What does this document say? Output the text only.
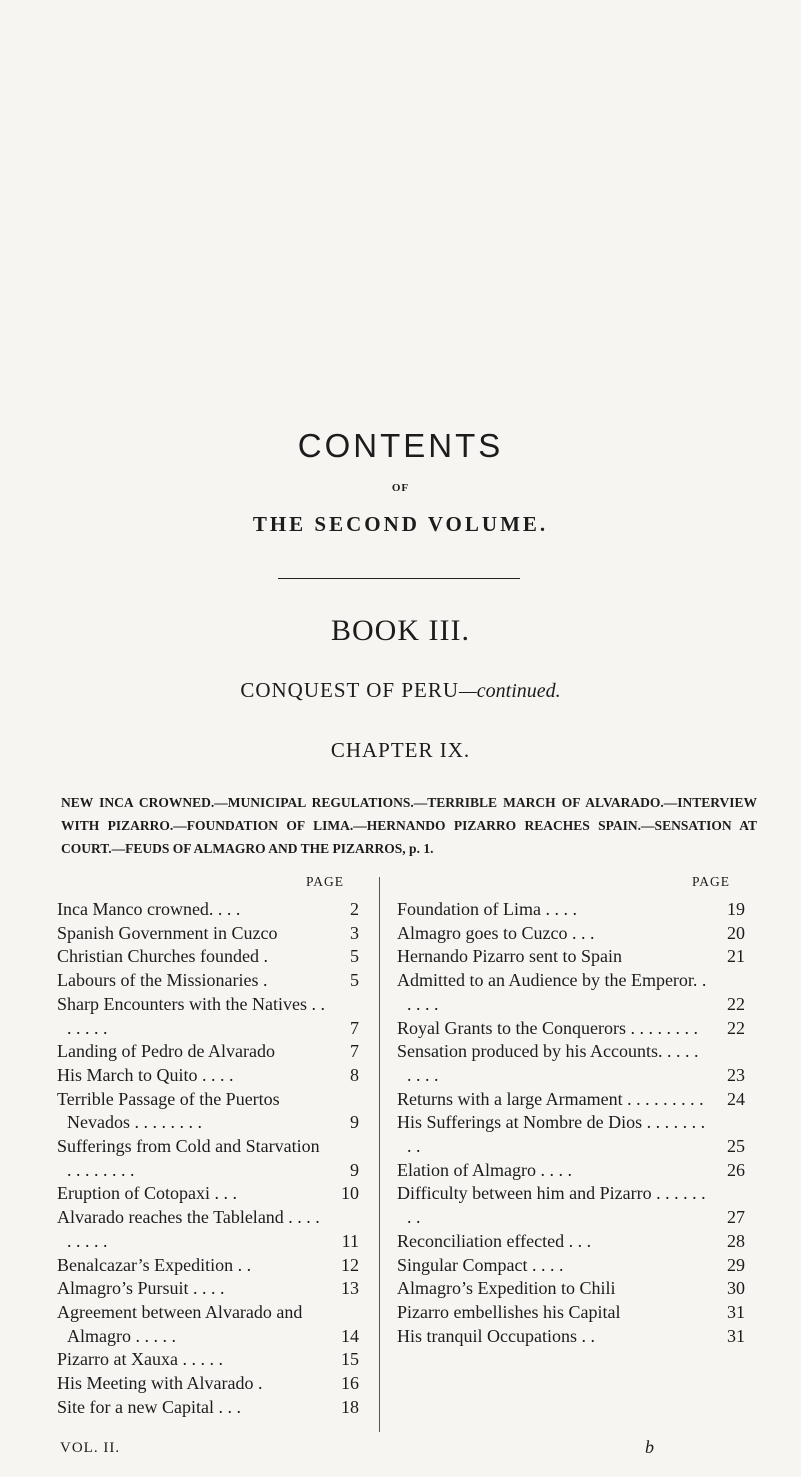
CONTENTS
OF
THE SECOND VOLUME.
BOOK III.
CONQUEST OF PERU—continued.
CHAPTER IX.
NEW INCA CROWNED.—MUNICIPAL REGULATIONS.—TERRIBLE MARCH OF ALVARADO.—INTERVIEW WITH PIZARRO.—FOUNDATION OF LIMA.—HERNANDO PIZARRO REACHES SPAIN.—SENSATION AT COURT.—FEUDS OF ALMAGRO AND THE PIZARROS, p. 1.
PAGE	PAGE
Inca Manco crowned. . . .	2
Spanish Government in Cuzco	3
Christian Churches founded .	5
Labours of the Missionaries .	5
Sharp Encounters with the Natives . . . . . . .	7
Landing of Pedro de Alvarado	7
His March to Quito . . . .	8
Terrible Passage of the Puertos Nevados . . . . . . . .	9
Sufferings from Cold and Starvation . . . . . . . .	9
Eruption of Cotopaxi . . .	10
Alvarado reaches the Tableland . . . . . . . . .	11
Benalcazar’s Expedition . .	12
Almagro’s Pursuit . . . .	13
Agreement between Alvarado and Almagro . . . . .	14
Pizarro at Xauxa . . . . .	15
His Meeting with Alvarado .	16
Site for a new Capital . . .	18
Foundation of Lima . . . .	19
Almagro goes to Cuzco . . .	20
Hernando Pizarro sent to Spain	21
Admitted to an Audience by the Emperor. . . . . .	22
Royal Grants to the Conquerors . . . . . . . .	22
Sensation produced by his Accounts. . . . . . . . .	23
Returns with a large Armament . . . . . . . . .	24
His Sufferings at Nombre de Dios . . . . . . . . .	25
Elation of Almagro . . . .	26
Difficulty between him and Pizarro . . . . . . . .	27
Reconciliation effected . . .	28
Singular Compact . . . .	29
Almagro’s Expedition to Chili	30
Pizarro embellishes his Capital	31
His tranquil Occupations . .	31
VOL. II.	b
